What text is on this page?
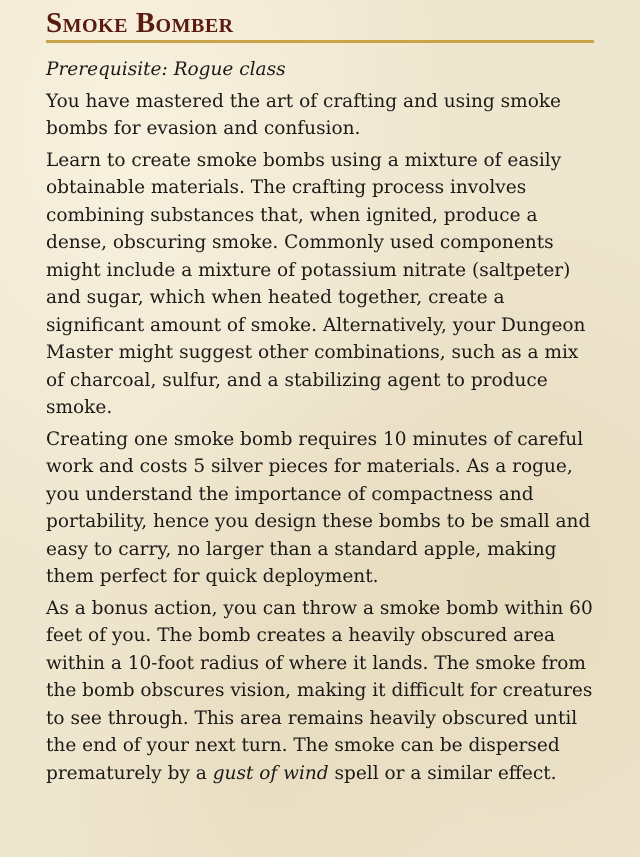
Smoke Bomber

Prerequisite: Rogue class

You have mastered the art of crafting and using smoke bombs for evasion and confusion.

Learn to create smoke bombs using a mixture of easily obtainable materials. The crafting process involves combining substances that, when ignited, produce a dense, obscuring smoke. Commonly used components might include a mixture of potassium nitrate (saltpeter) and sugar, which when heated together, create a significant amount of smoke. Alternatively, your Dungeon Master might suggest other combinations, such as a mix of charcoal, sulfur, and a stabilizing agent to produce smoke.

Creating one smoke bomb requires 10 minutes of careful work and costs 5 silver pieces for materials. As a rogue, you understand the importance of compactness and portability, hence you design these bombs to be small and easy to carry, no larger than a standard apple, making them perfect for quick deployment.

As a bonus action, you can throw a smoke bomb within 60 feet of you. The bomb creates a heavily obscured area within a 10-foot radius of where it lands. The smoke from the bomb obscures vision, making it difficult for creatures to see through. This area remains heavily obscured until the end of your next turn. The smoke can be dispersed prematurely by a gust of wind spell or a similar effect.
